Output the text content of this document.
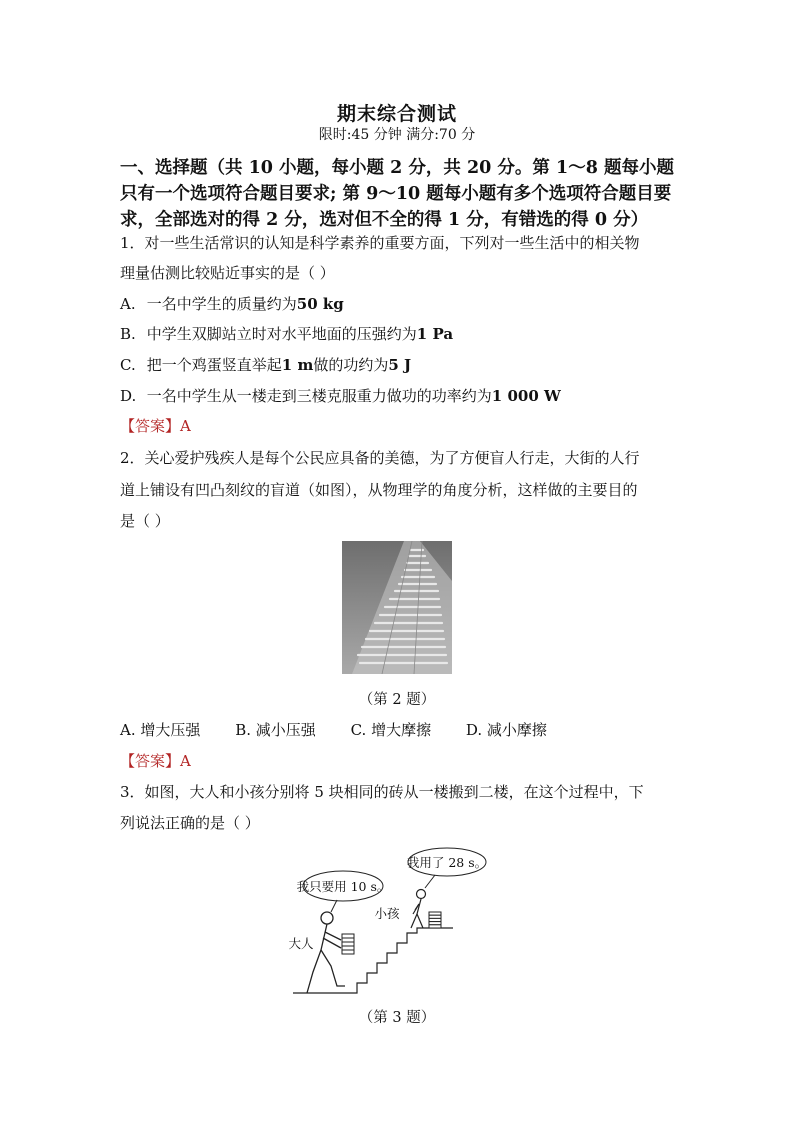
期末综合测试
限时:45 分钟 满分:70 分

一、选择题（共 10 小题，每小题 2 分，共 20 分。第 1～8 题每小题只有一个选项符合题目要求; 第 9～10 题每小题有多个选项符合题目要求，全部选对的得 2 分，选对但不全的得 1 分，有错选的得 0 分）

1．对一些生活常识的认知是科学素养的重要方面，下列对一些生活中的相关物
理量估测比较贴近事实的是（ ）
A. 一名中学生的质量约为50 kg
B. 中学生双脚站立时对水平地面的压强约为1 Pa
C. 把一个鸡蛋竖直举起1 m做的功约为5 J
D. 一名中学生从一楼走到三楼克服重力做功的功率约为1 000 W
【答案】A
2．关心爱护残疾人是每个公民应具备的美德，为了方便盲人行走，大街的人行
道上铺设有凹凸刻纹的盲道（如图），从物理学的角度分析，这样做的主要目的
是（ ）
（第 2 题）
A. 增大压强 B. 减小压强 C. 增大摩擦 D. 减小摩擦
【答案】A
3．如图，大人和小孩分别将 5 块相同的砖从一楼搬到二楼，在这个过程中，下
列说法正确的是（ ）
我只要用 10 s。
我用了 28 s。
大人
小孩
（第 3 题）
